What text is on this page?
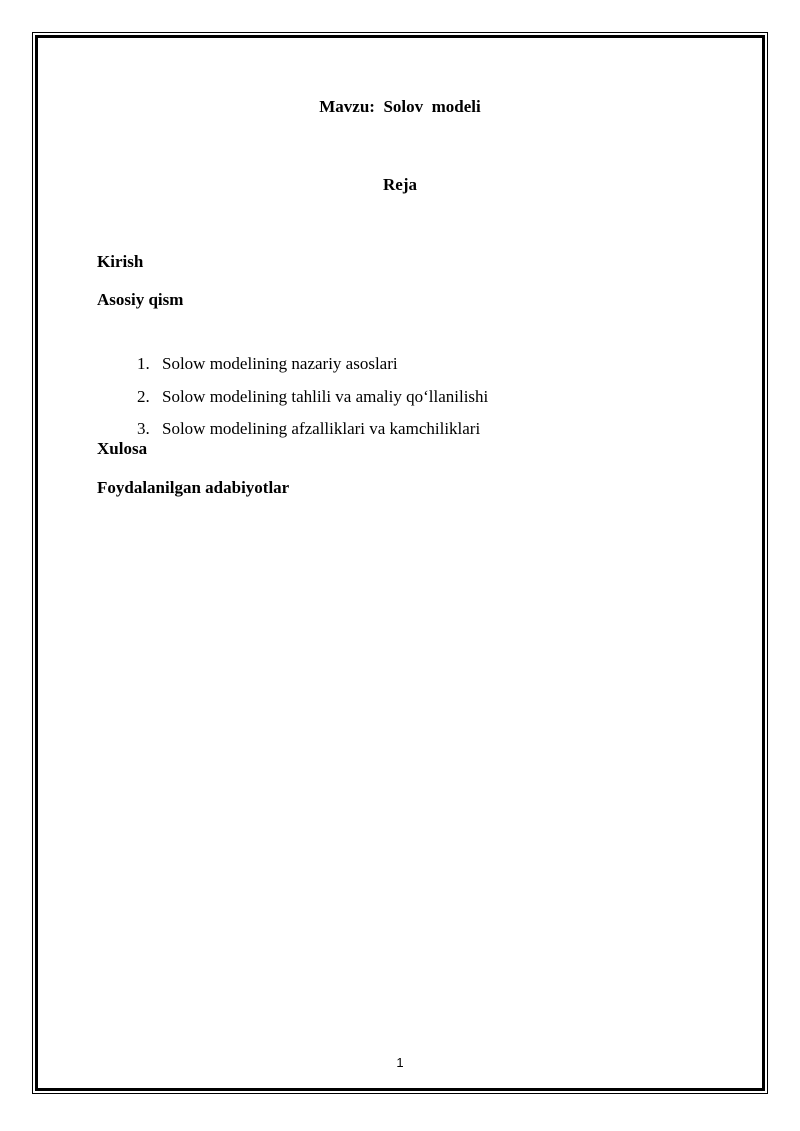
Mavzu:  Solov  modeli
Reja
Kirish
Asosiy qism

1. Solow modelining nazariy asoslari

2. Solow modelining tahlili va amaliy qo‘llanilishi

3. Solow modelining afzalliklari va kamchiliklari

Xulosa
Foydalanilgan adabiyotlar
1
